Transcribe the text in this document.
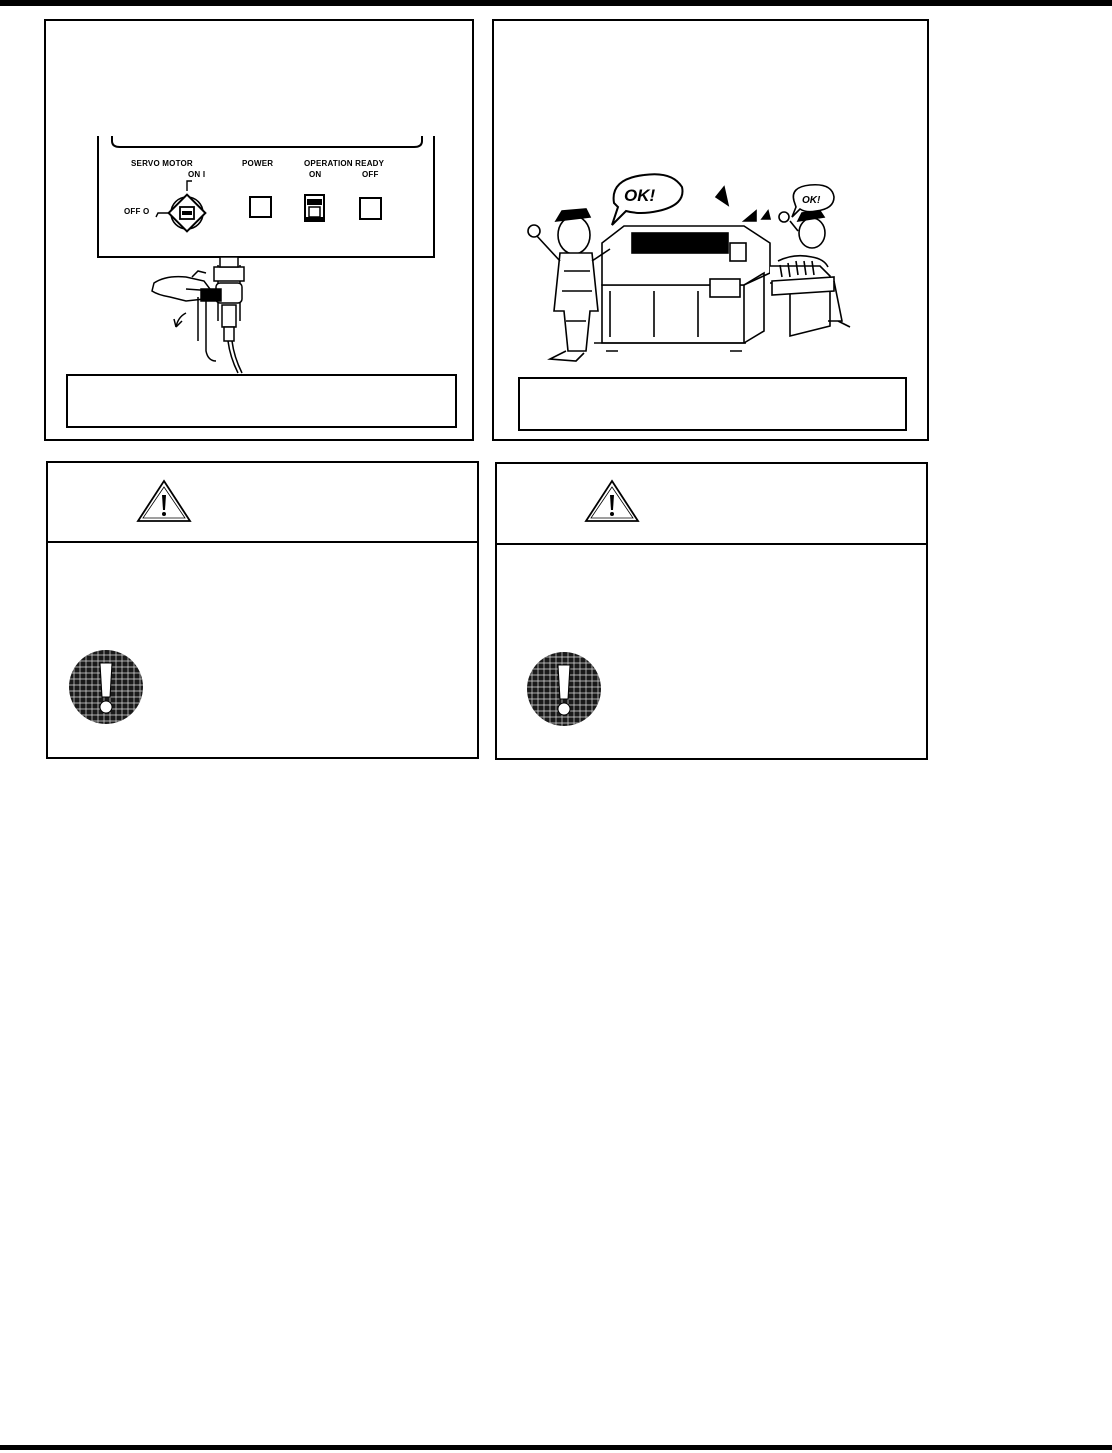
SERVO MOTOR
ON I
OFF O
POWER	OPERATION READY
ON	OFF
OK!	OK!
